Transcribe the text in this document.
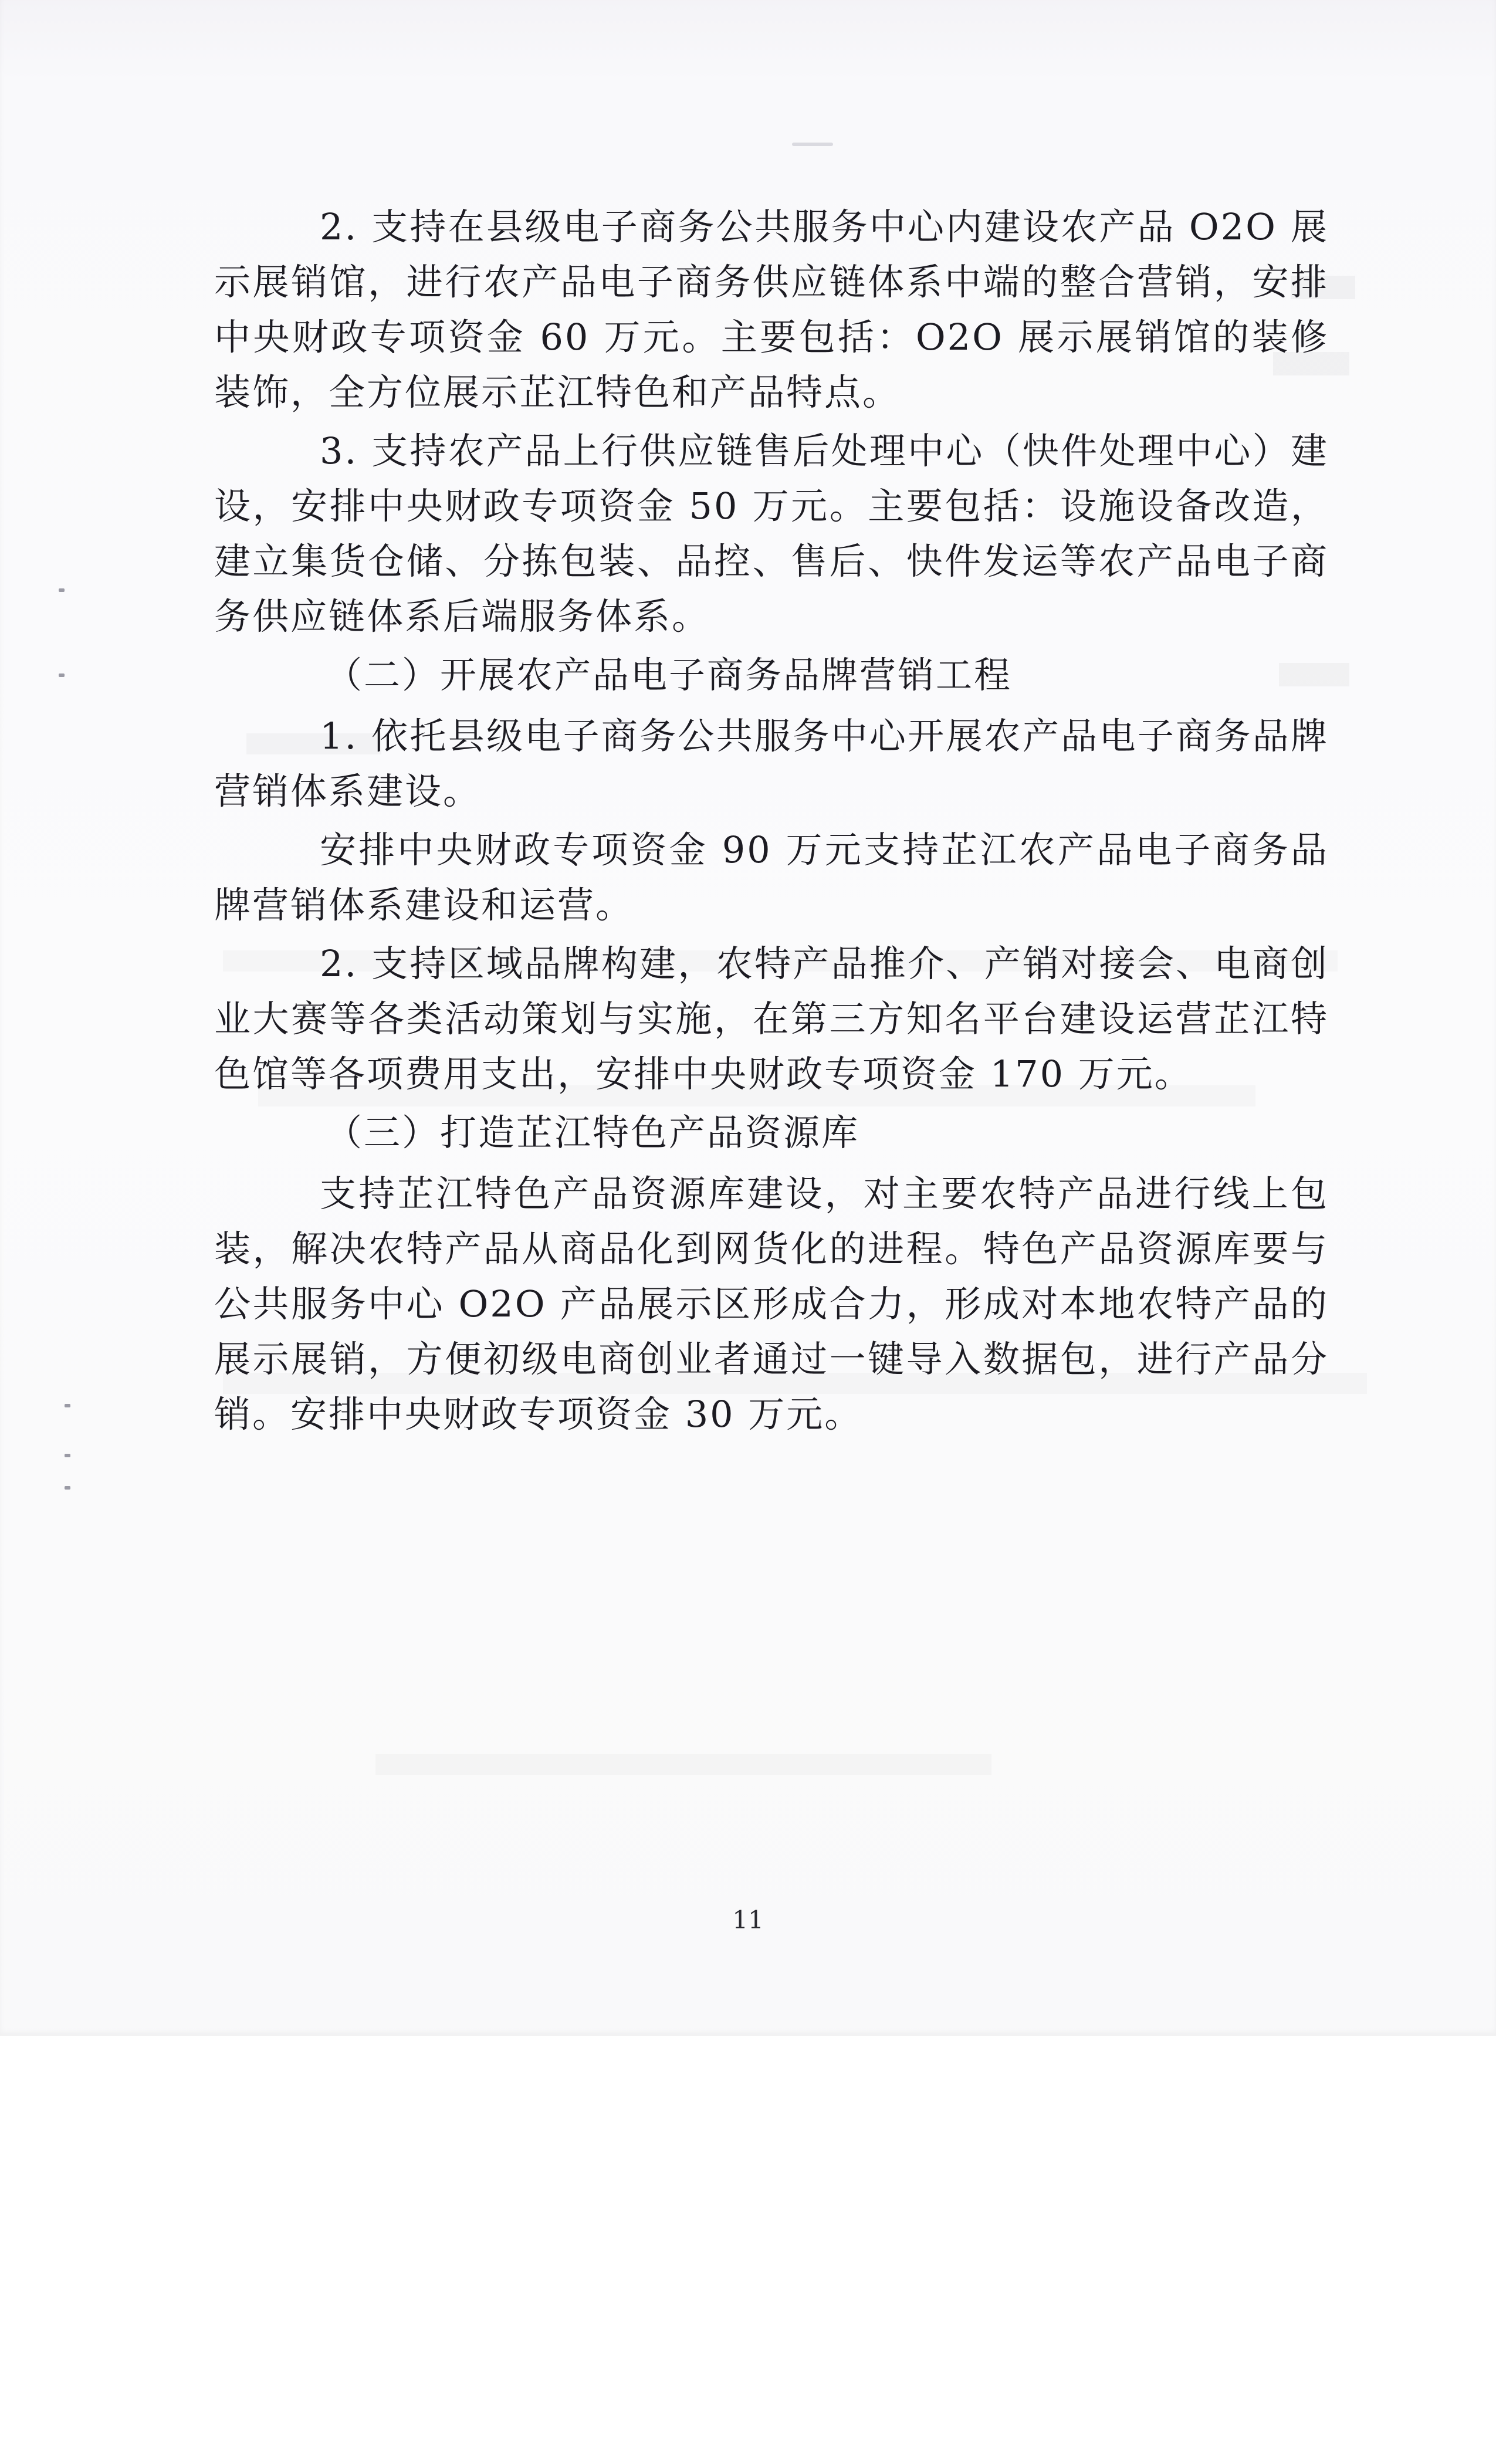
2. 支持在县级电子商务公共服务中心内建设农产品 O2O 展示展销馆，进行农产品电子商务供应链体系中端的整合营销，安排中央财政专项资金 60 万元。主要包括：O2O 展示展销馆的装修装饰，全方位展示芷江特色和产品特点。

3. 支持农产品上行供应链售后处理中心（快件处理中心）建设，安排中央财政专项资金 50 万元。主要包括：设施设备改造，建立集货仓储、分拣包装、品控、售后、快件发运等农产品电子商务供应链体系后端服务体系。

（二）开展农产品电子商务品牌营销工程

1. 依托县级电子商务公共服务中心开展农产品电子商务品牌营销体系建设。

安排中央财政专项资金 90 万元支持芷江农产品电子商务品牌营销体系建设和运营。

2. 支持区域品牌构建，农特产品推介、产销对接会、电商创业大赛等各类活动策划与实施，在第三方知名平台建设运营芷江特色馆等各项费用支出，安排中央财政专项资金 170 万元。

（三）打造芷江特色产品资源库

支持芷江特色产品资源库建设，对主要农特产品进行线上包装，解决农特产品从商品化到网货化的进程。特色产品资源库要与公共服务中心 O2O 产品展示区形成合力，形成对本地农特产品的展示展销，方便初级电商创业者通过一键导入数据包，进行产品分销。安排中央财政专项资金 30 万元。

11
